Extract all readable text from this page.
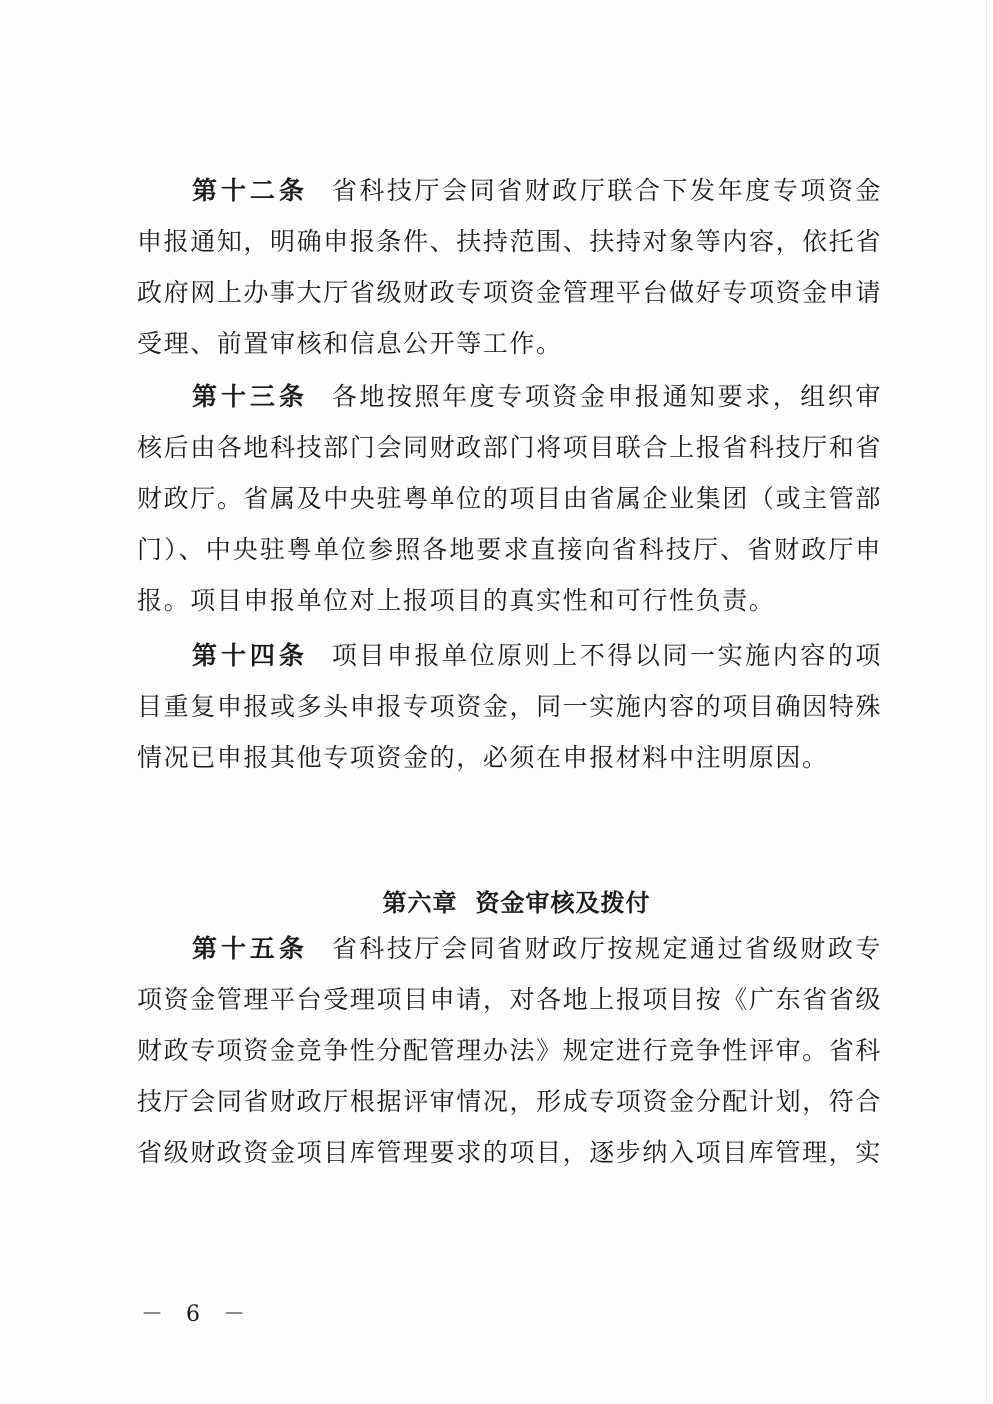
第十二条 省科技厅会同省财政厅联合下发年度专项资金申报通知，明确申报条件、扶持范围、扶持对象等内容，依托省政府网上办事大厅省级财政专项资金管理平台做好专项资金申请受理、前置审核和信息公开等工作。

第十三条 各地按照年度专项资金申报通知要求，组织审核后由各地科技部门会同财政部门将项目联合上报省科技厅和省财政厅。省属及中央驻粤单位的项目由省属企业集团（或主管部门）、中央驻粤单位参照各地要求直接向省科技厅、省财政厅申报。项目申报单位对上报项目的真实性和可行性负责。

第十四条 项目申报单位原则上不得以同一实施内容的项目重复申报或多头申报专项资金，同一实施内容的项目确因特殊情况已申报其他专项资金的，必须在申报材料中注明原因。

第六章 资金审核及拨付

第十五条 省科技厅会同省财政厅按规定通过省级财政专项资金管理平台受理项目申请，对各地上报项目按《广东省省级财政专项资金竞争性分配管理办法》规定进行竞争性评审。省科技厅会同省财政厅根据评审情况，形成专项资金分配计划，符合省级财政资金项目库管理要求的项目，逐步纳入项目库管理，实

－ 6 －
